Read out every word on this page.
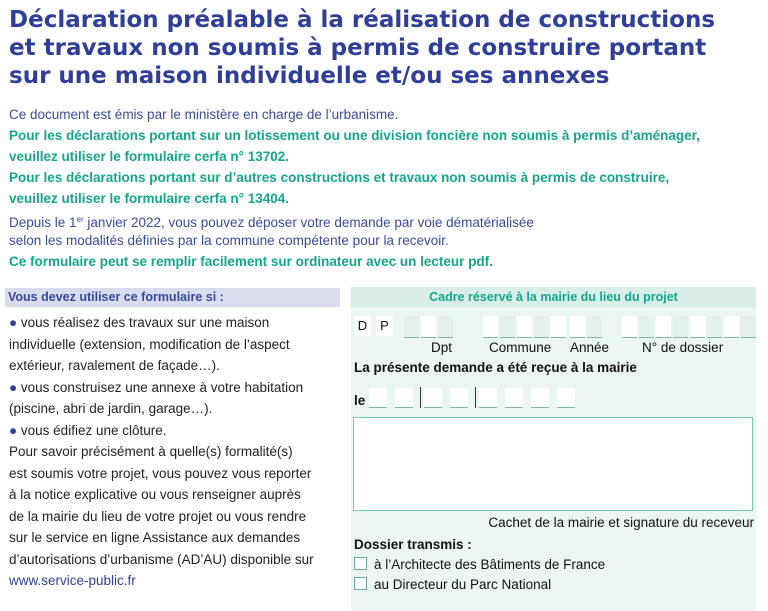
Déclaration préalable à la réalisation de constructions
et travaux non soumis à permis de construire portant
sur une maison individuelle et/ou ses annexes
Ce document est émis par le ministère en charge de l’urbanisme.
Pour les déclarations portant sur un lotissement ou une division foncière non soumis à permis d’aménager,
veuillez utiliser le formulaire cerfa n° 13702.
Pour les déclarations portant sur d’autres constructions et travaux non soumis à permis de construire,
veuillez utiliser le formulaire cerfa n° 13404.
Depuis le 1er janvier 2022, vous pouvez déposer votre demande par voie dématérialisée
selon les modalités définies par la commune compétente pour la recevoir.
Ce formulaire peut se remplir facilement sur ordinateur avec un lecteur pdf.
Vous devez utiliser ce formulaire si :
● vous réalisez des travaux sur une maison
individuelle (extension, modification de l’aspect
extérieur, ravalement de façade…).
● vous construisez une annexe à votre habitation
(piscine, abri de jardin, garage…).
● vous édifiez une clôture.
Pour savoir précisément à quelle(s) formalité(s)
est soumis votre projet, vous pouvez vous reporter
à la notice explicative ou vous renseigner auprès
de la mairie du lieu de votre projet ou vous rendre
sur le service en ligne Assistance aux demandes
d’autorisations d’urbanisme (AD’AU) disponible sur
www.service-public.fr
Cadre réservé à la mairie du lieu du projet
D P
Dpt	Commune Année N° de dossier
La présente demande a été reçue à la mairie
le
Cachet de la mairie et signature du receveur
Dossier transmis :
à l’Architecte des Bâtiments de France
au Directeur du Parc National
